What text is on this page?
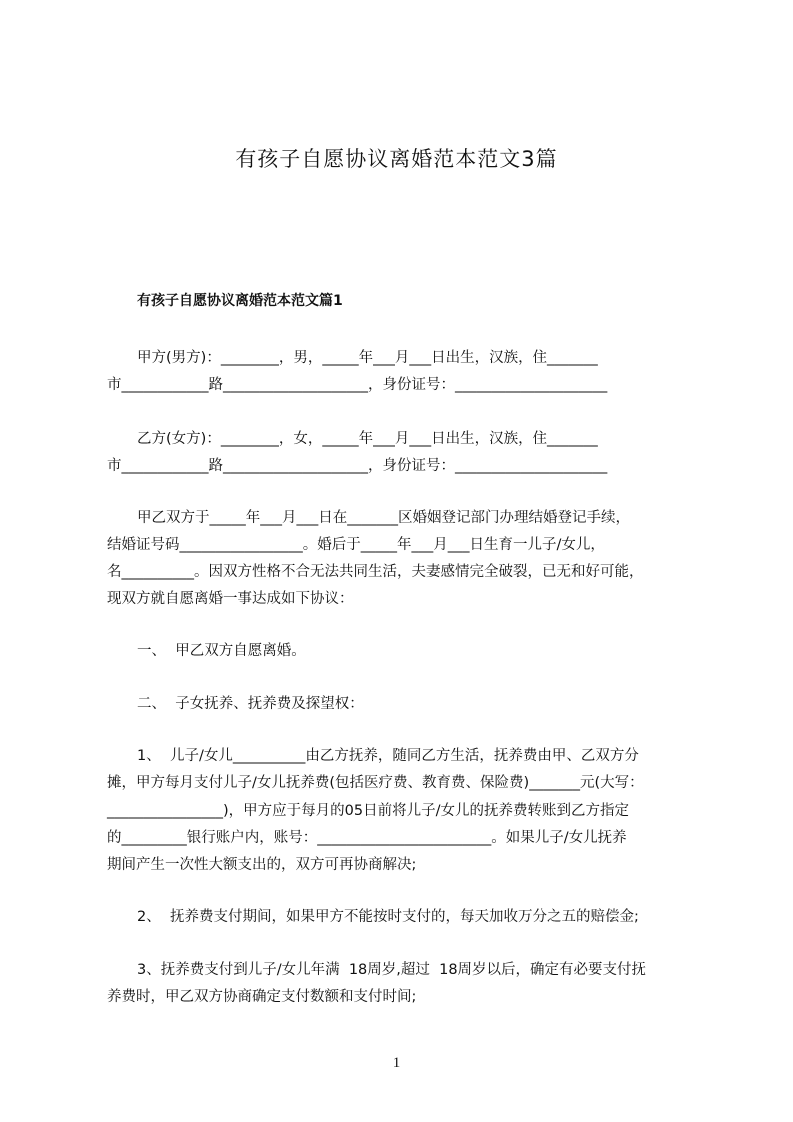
有孩子自愿协议离婚范本范文3篇
有孩子自愿协议离婚范本范文篇1
甲方(男方)：________，男，_____年___月___日出生，汉族，住_______
市____________路____________________，身份证号：_____________________
乙方(女方)：________，女，_____年___月___日出生，汉族，住_______
市____________路____________________，身份证号：_____________________
甲乙双方于_____年___月___日在_______区婚姻登记部门办理结婚登记手续，
结婚证号码_________________。婚后于_____年___月___日生育一儿子/女儿，
名__________。因双方性格不合无法共同生活，夫妻感情完全破裂，已无和好可能，
现双方就自愿离婚一事达成如下协议：
一、  甲乙双方自愿离婚。
二、  子女抚养、抚养费及探望权：
1、  儿子/女儿__________由乙方抚养，随同乙方生活，抚养费由甲、乙双方分
摊，甲方每月支付儿子/女儿抚养费(包括医疗费、教育费、保险费)_______元(大写：
________________)，甲方应于每月的05日前将儿子/女儿的抚养费转账到乙方指定
的_________银行账户内，账号：________________________。如果儿子/女儿抚养
期间产生一次性大额支出的，双方可再协商解决;
2、  抚养费支付期间，如果甲方不能按时支付的，每天加收万分之五的赔偿金;
3、抚养费支付到儿子/女儿年满  18周岁,超过  18周岁以后，确定有必要支付抚
养费时，甲乙双方协商确定支付数额和支付时间;
1
